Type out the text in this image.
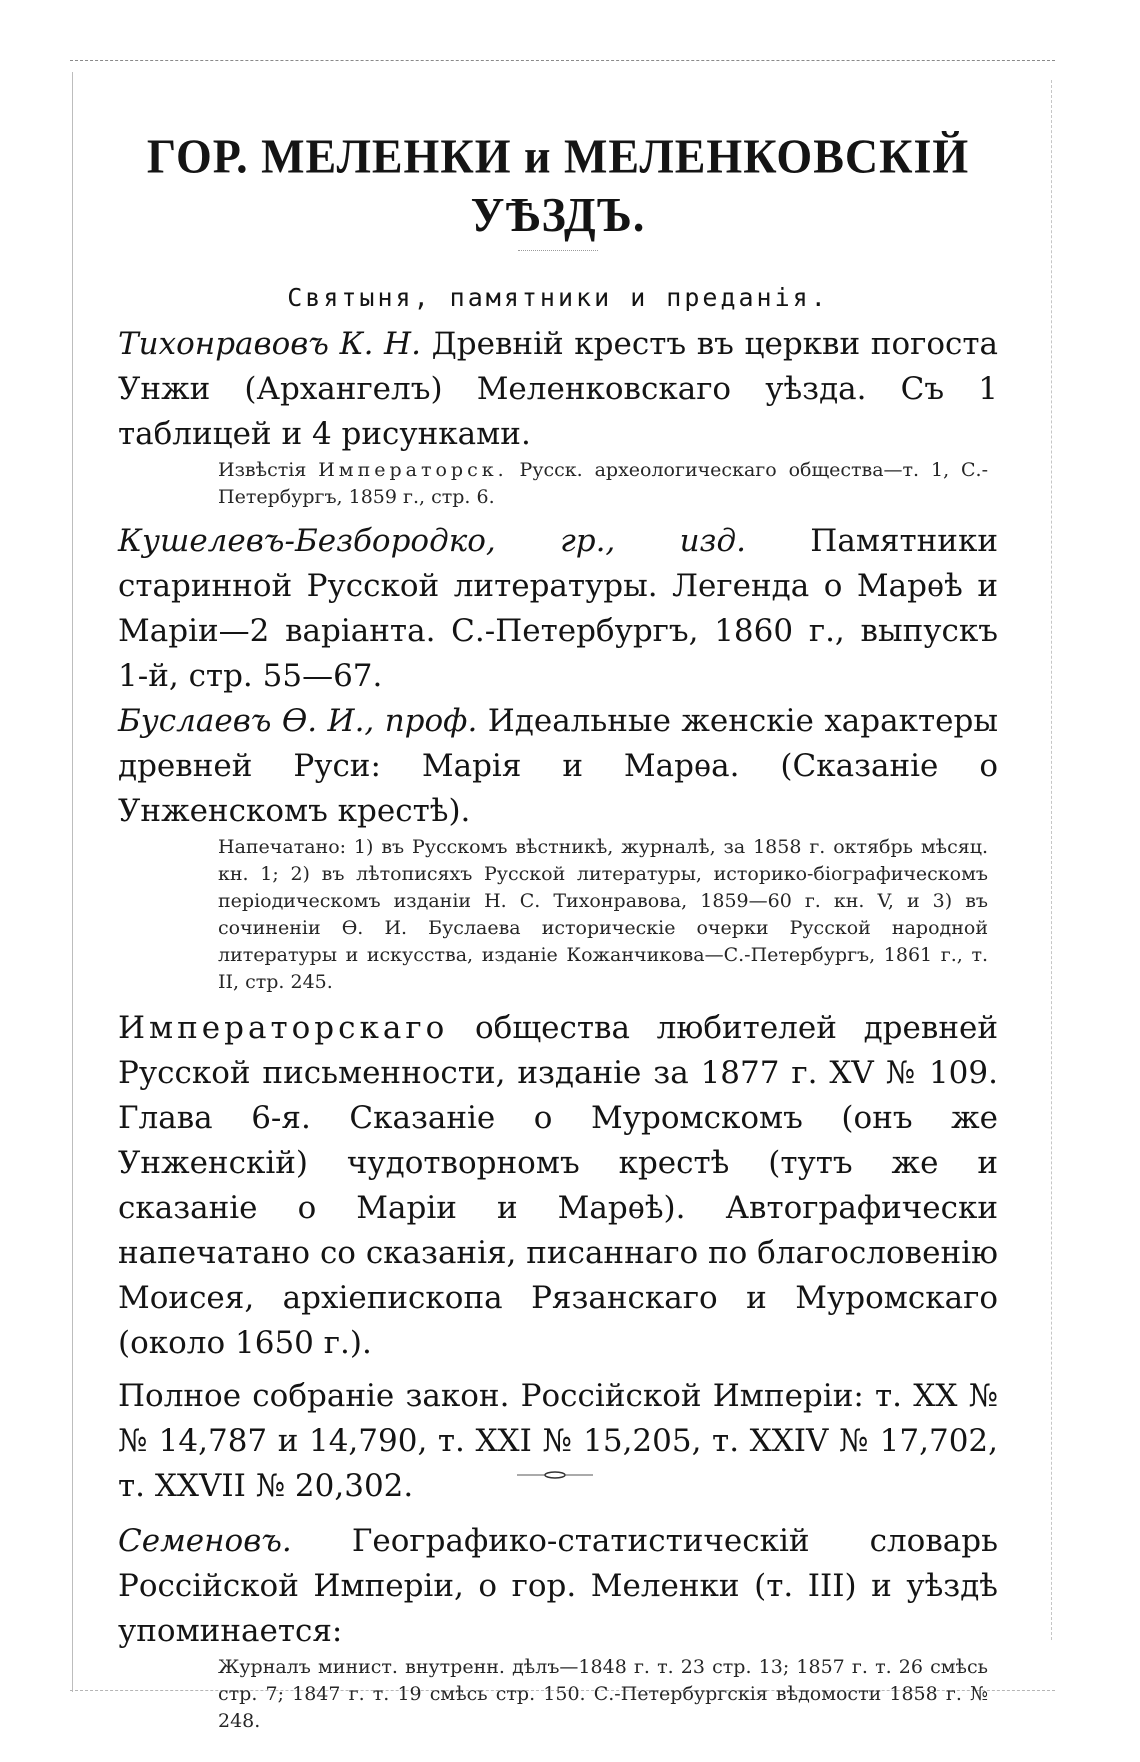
ГОР. МЕЛЕНКИ и МЕЛЕНКОВСКІЙ УѢЗДЪ.

Святыня, памятники и преданія.

Тихонравовъ К. Н. Древній крестъ въ церкви погоста Унжи (Архангелъ) Меленковскаго уѣзда. Съ 1 таблицей и 4 рисунками.

Извѣстія Императорск. Русск. археологическаго общества—т. 1, С.-Петербургъ, 1859 г., стр. 6.

Кушелевъ-Безбородко, гр., изд. Памятники старинной Русской литературы. Легенда о Марѳѣ и Маріи—2 варіанта. С.-Петербургъ, 1860 г., выпускъ 1-й, стр. 55—67.

Буслаевъ Ѳ. И., проф. Идеальные женскіе характеры древней Руси: Марія и Марѳа. (Сказаніе о Унженскомъ крестѣ).

Напечатано: 1) въ Русскомъ вѣстникѣ, журналѣ, за 1858 г. октябрь мѣсяц. кн. 1; 2) въ лѣтописяхъ Русской литературы, историко-біографическомъ періодическомъ изданіи Н. С. Тихонравова, 1859—60 г. кн. V, и 3) въ сочиненіи Ѳ. И. Буслаева историческіе очерки Русской народной литературы и искусства, изданіе Кожанчикова—С.-Петербургъ, 1861 г., т. II, стр. 245.

Императорскаго общества любителей древней Русской письменности, изданіе за 1877 г. XV № 109. Глава 6-я. Сказаніе о Муромскомъ (онъ же Унженскій) чудотворномъ крестѣ (тутъ же и сказаніе о Маріи и Марѳѣ). Автографически напечатано со сказанія, писаннаго по благословенію Моисея, архіепископа Рязанскаго и Муромскаго (около 1650 г.).

Полное собраніе закон. Россійской Имперіи: т. XX №№ 14,787 и 14,790, т. XXI № 15,205, т. XXIV № 17,702, т. XXVII № 20,302.

Семеновъ. Географико-статистическій словарь Россійской Имперіи, о гор. Меленки (т. III) и уѣздѣ упоминается:

Журналъ минист. внутренн. дѣлъ—1848 г. т. 23 стр. 13; 1857 г. т. 26 смѣсь стр. 7; 1847 г. т. 19 смѣсь стр. 150. С.-Петербургскія вѣдомости 1858 г. № 248.
